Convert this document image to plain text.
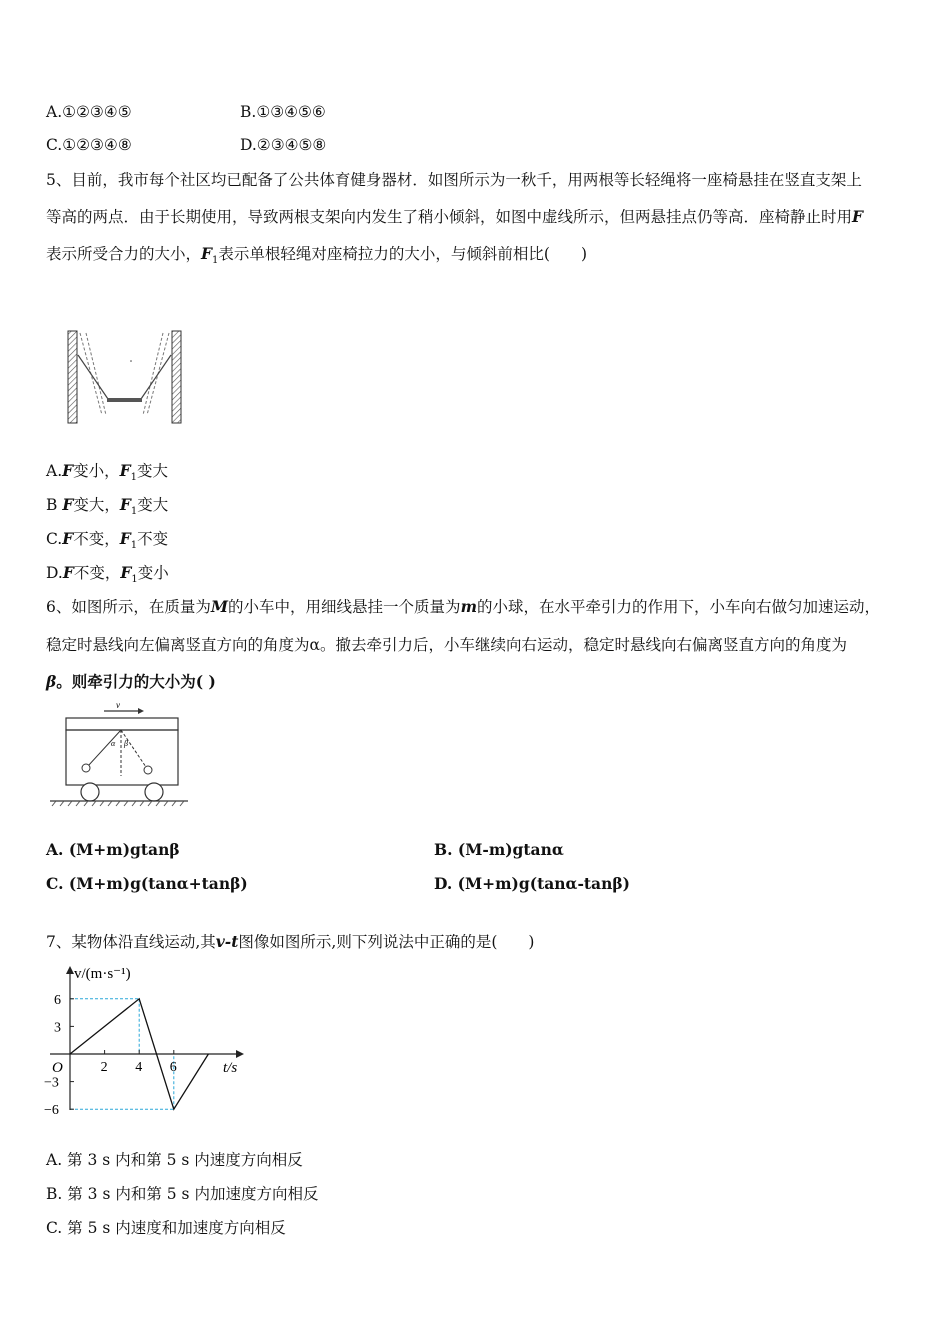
A.①②③④⑤	B.①③④⑤⑥
C.①②③④⑧	D.②③④⑤⑧
5、目前，我市每个社区均已配备了公共体育健身器材．如图所示为一秋千，用两根等长轻绳将一座椅悬挂在竖直支架上
等高的两点．由于长期使用，导致两根支架向内发生了稍小倾斜，如图中虚线所示，但两悬挂点仍等高．座椅静止时用F
表示所受合力的大小，$F_1$表示单根轻绳对座椅拉力的大小，与倾斜前相比(　　)
A.F变小，$F_1$变大
B F变大，$F_1$变大
C.F不变，$F_1$不变
D.F不变，$F_1$变小
6、如图所示，在质量为M的小车中，用细线悬挂一个质量为m的小球，在水平牵引力的作用下，小车向右做匀加速运动，
稳定时悬线向左偏离竖直方向的角度为α。撤去牵引力后，小车继续向右运动，稳定时悬线向右偏离竖直方向的角度为
β。则牵引力的大小为( )
v
α β
A. (M+m)gtanβ	B. (M-m)gtanα
C. (M+m)g(tanα+tanβ)	D. (M+m)g(tanα-tanβ)
7、某物体沿直线运动,其v-t图像如图所示,则下列说法中正确的是(　　)
2 4 6
6
3
−3
−6
v/(m·s⁻¹)
t/s
O
A. 第 3 s 内和第 5 s 内速度方向相反
B. 第 3 s 内和第 5 s 内加速度方向相反
C. 第 5 s 内速度和加速度方向相反
